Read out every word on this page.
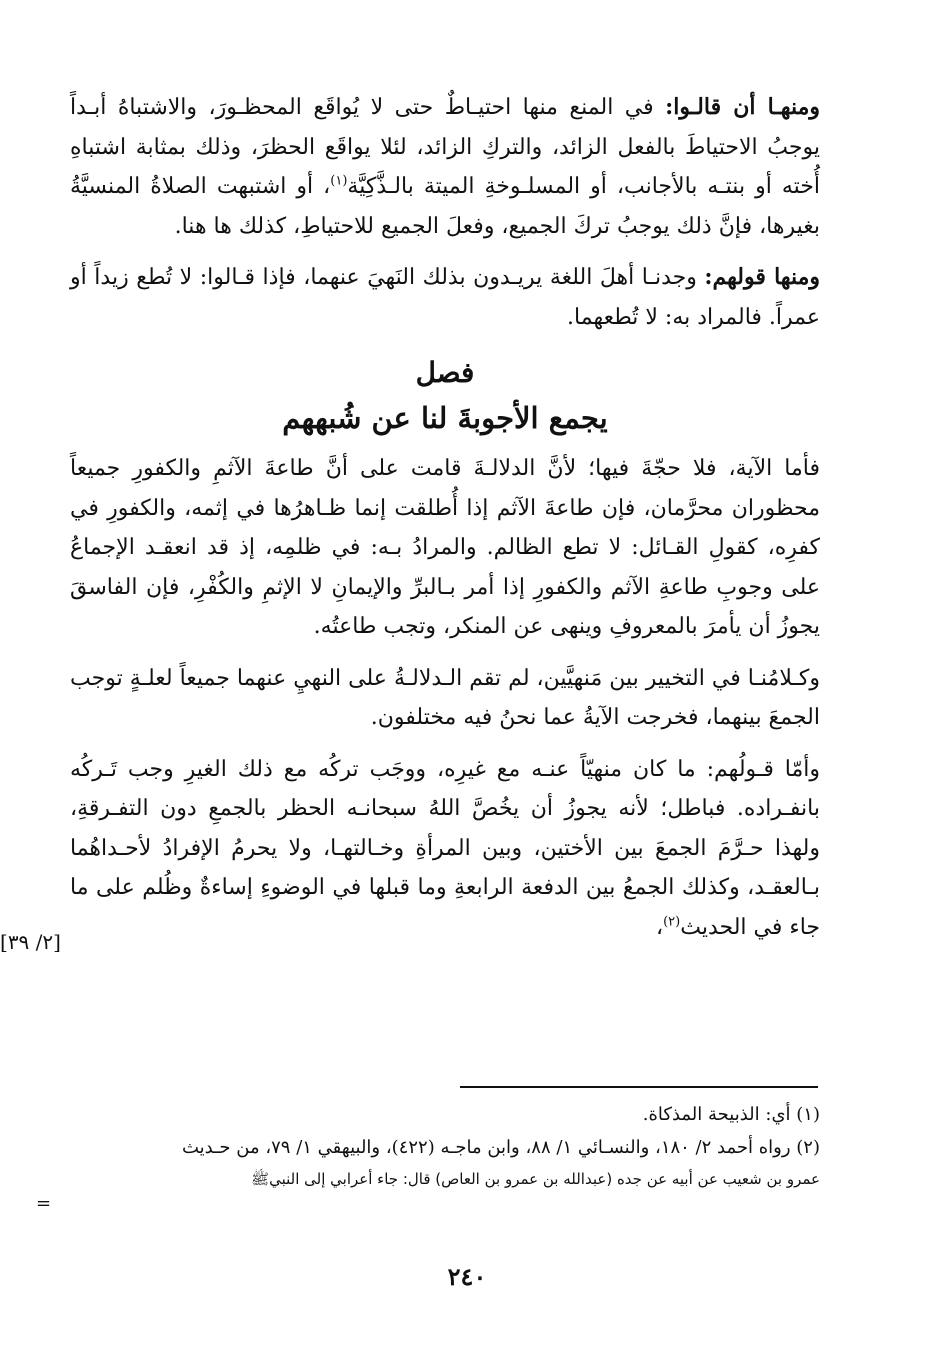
ومنهـا أن قالـوا: في المنع منها احتيـاطٌ حتى لا يُواقَع المحظـورَ، والاشتباهُ أبـداً يوجبُ الاحتياطَ بالفعل الزائد، والتركِ الزائد، لئلا يواقَع الحظرَ، وذلك بمثابة اشتباهِ أُخته أو بنتـه بالأجانب، أو المسلـوخةِ الميتة بالـذَّكِيَّة$^{(١)}$، أو اشتبهت الصلاةُ المنسيَّةُ بغيرها، فإنَّ ذلك يوجبُ تركَ الجميع، وفعلَ الجميع للاحتياطِ، كذلك ها هنا.

ومنها قولهم: وجدنـا أهلَ اللغة يريـدون بذلك النَهيَ عنهما، فإذا قـالوا: لا تُطع زيداً أو عمراً. فالمراد به: لا تُطعهما.

فصل
يجمع الأجوبةَ لنا عن شُبههم

فأما الآية، فلا حجّةَ فيها؛ لأنَّ الدلالـةَ قامت على أنَّ طاعةَ الآثمِ والكفورِ جميعاً محظوران محرَّمان، فإن طاعةَ الآثم إذا أُطلقت إنما ظـاهرُها في إثمه، والكفورِ في كفرِه، كقولِ القـائل: لا تطع الظالم. والمرادُ بـه: في ظلمِه، إذ قد انعقـد الإجماعُ على وجوبِ طاعةِ الآثم والكفورِ إذا أمر بـالبرِّ والإيمانِ لا الإثمِ والكُفْرِ، فإن الفاسقَ يجوزُ أن يأمرَ بالمعروفِ وينهى عن المنكر، وتجب طاعتُه.

وكـلامُنـا في التخيير بين مَنهيَّين، لم تقم الـدلالـةُ على النهيِ عنهما جميعاً لعلـةٍ توجب الجمعَ بينهما، فخرجت الآيةُ عما نحنُ فيه مختلفون.

وأمّا قـولُهم: ما كان منهيّاً عنـه مع غيرِه، ووجَب تركُه مع ذلك الغيرِ وجب تَـركُه بانفـراده. فباطل؛ لأنه يجوزُ أن يخُصَّ اللهُ سبحانـه الحظر بالجمعِ دون التفـرقةِ، ولهذا حـرَّمَ الجمعَ بين الأختين، وبين المرأةِ وخـالتهـا، ولا يحرمُ الإفرادُ لأحـداهُما بـالعقـد، وكذلك الجمعُ بين الدفعة الرابعةِ وما قبلها في الوضوءِ إساءةٌ وظُلم على ما جاء في الحديث$^{(٢)}$،

[٢/ ٣٩]

(١) أي: الذبيحة المذكاة.

(٢) رواه أحمد ٢/ ١٨٠، والنسـائي ١/ ٨٨، وابن ماجـه (٤٢٢)، والبيهقي ١/ ٧٩، من حـديث

عمرو بن شعيب عن أبيه عن جده (عبدالله بن عمرو بن العاص) قال: جاء أعرابي إلى النبيﷺ

=
٢٤٠
